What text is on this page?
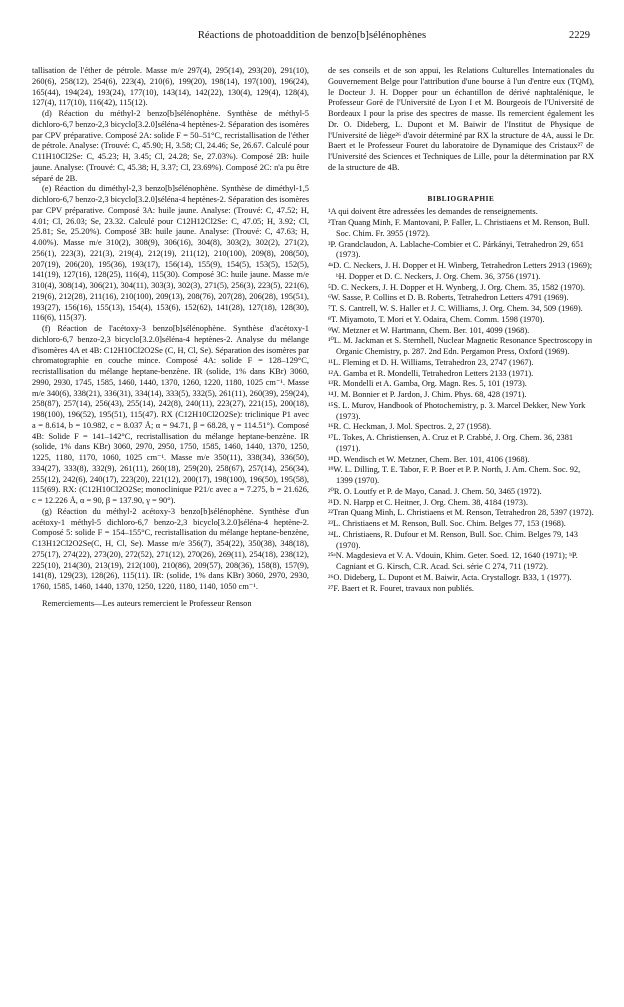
Réactions de photoaddition de benzo[b]sélénophènes	2229

tallisation de l'éther de pétrole. Masse m/e 297(4), 295(14), 293(20), 291(10), 260(6), 258(12), 254(6), 223(4), 210(6), 199(20), 198(14), 197(100), 196(24), 165(44), 194(24), 193(24), 177(10), 143(14), 142(22), 130(4), 129(4), 128(4), 127(4), 117(10), 116(42), 115(12).

(d) Réaction du méthyl-2 benzo[b]sélénophène. Synthèse de méthyl-5 dichloro-6,7 benzo-2,3 bicyclo[3.2.0]séléna-4 heptènes-2. Séparation des isomères par CPV préparative. Composé 2A: solide F = 50–51°C, recristallisation de l'éther de pétrole. Analyse: (Trouvé: C, 45.90; H, 3.58; Cl, 24.46; Se, 26.67. Calculé pour C11H10Cl2Se: C, 45.23; H, 3.45; Cl, 24.28; Se, 27.03%). Composé 2B: huile jaune. Analyse: (Trouvé: C, 45.38; H, 3.37; Cl, 23.69%). Composé 2C: n'a pu être séparé de 2B.

(e) Réaction du diméthyl-2,3 benzo[b]sélénophène. Synthèse de diméthyl-1,5 dichloro-6,7 benzo-2,3 bicyclo[3.2.0]séléna-4 heptènes-2. Séparation des isomères par CPV préparative. Composé 3A: huile jaune. Analyse: (Trouvé: C, 47.52; H, 4.01; Cl, 26.03; Se, 23.32. Calculé pour C12H12Cl2Se: C, 47.05; H, 3.92; Cl, 25.81; Se, 25.20%). Composé 3B: huile jaune. Analyse: (Trouvé: C, 47.63; H, 4.00%). Masse m/e 310(2), 308(9), 306(16), 304(8), 303(2), 302(2), 271(2), 256(1), 223(3), 221(3), 219(4), 212(19), 211(12), 210(100), 209(8), 208(50), 207(19), 206(20), 195(36), 193(17), 156(14), 155(9), 154(5), 153(5), 152(5), 141(19), 127(16), 128(25), 116(4), 115(30). Composé 3C: huile jaune. Masse m/e 310(4), 308(14), 306(21), 304(11), 303(3), 302(3), 271(5), 256(3), 223(5), 221(6), 219(6), 212(28), 211(16), 210(100), 209(13), 208(76), 207(28), 206(28), 195(51), 193(27), 156(16), 155(13), 154(4), 153(6), 152(62), 141(28), 127(18), 128(30), 116(6), 115(37).

(f) Réaction de l'acétoxy-3 benzo[b]sélénophène. Synthèse d'acétoxy-1 dichloro-6,7 benzo-2,3 bicyclo[3.2.0]séléna-4 heptènes-2. Analyse du mélange d'isomères 4A et 4B: C12H10Cl2O2Se (C, H, Cl, Se). Séparation des isomères par chromatographie en couche mince. Composé 4A: solide F = 128–129°C, recristallisation du mélange heptane-benzène. IR (solide, 1% dans KBr) 3060, 2990, 2930, 1745, 1585, 1460, 1440, 1370, 1260, 1220, 1180, 1025 cm⁻¹. Masse m/e 340(6), 338(21), 336(31), 334(14), 333(5), 332(5), 261(11), 260(39), 259(24), 258(87), 257(14), 256(43), 255(14), 242(8), 240(11), 223(27), 221(15), 200(18), 198(100), 196(52), 195(51), 115(47). RX (C12H10Cl2O2Se): triclinique P1 avec a = 8.614, b = 10.982, c = 8.037 Å; α = 94.71, β = 68.28, γ = 114.51°). Composé 4B: Solide F = 141–142°C, recristallisation du mélange heptane-benzène. IR (solide, 1% dans KBr) 3060, 2970, 2950, 1750, 1585, 1460, 1440, 1370, 1250, 1225, 1180, 1170, 1060, 1025 cm⁻¹. Masse m/e 350(11), 338(34), 336(50), 334(27), 333(8), 332(9), 261(11), 260(18), 259(20), 258(67), 257(14), 256(34), 255(12), 242(6), 240(17), 223(20), 221(12), 200(17), 198(100), 196(50), 195(58), 115(69). RX: (C12H10Cl2O2Se; monoclinique P21/c avec a = 7.275, b = 21.626, c = 12.226 Å, α = 90, β = 137.90, γ = 90°).

(g) Réaction du méthyl-2 acétoxy-3 benzo[b]sélénophène. Synthèse d'un acétoxy-1 méthyl-5 dichloro-6,7 benzo-2,3 bicyclo[3.2.0]séléna-4 heptène-2. Composé 5: solide F = 154–155°C, recristallisation du mélange heptane-benzène, C13H12Cl2O2Se(C, H, Cl, Se). Masse m/e 356(7), 354(22), 350(38), 348(18), 275(17), 274(22), 273(20), 272(52), 271(12), 270(26), 269(11), 254(18), 238(12), 225(10), 214(30), 213(19), 212(100), 210(86), 209(57), 208(36), 158(8), 157(9), 141(8), 129(23), 128(26), 115(11). IR: (solide, 1% dans KBr) 3060, 2970, 2930, 1760, 1585, 1460, 1440, 1370, 1250, 1220, 1180, 1140, 1050 cm⁻¹.

Remerciements—Les auteurs remercient le Professeur Renson

de ses conseils et de son appui, les Relations Culturelles Internationales du Gouvernement Belge pour l'attribution d'une bourse à l'un d'entre eux (TQM), le Docteur J. H. Dopper pour un échantillon de dérivé naphtalénique, le Professeur Goré de l'Université de Lyon I et M. Bourgeois de l'Université de Bordeaux I pour la prise des spectres de masse. Ils remercient également les Dr. O. Dideberg, L. Dupont et M. Baiwir de l'Institut de Physique de l'Université de liège²⁶ d'avoir déterminé par RX la structure de 4A, aussi le Dr. Baert et le Professeur Fouret du laboratoire de Dynamique des Cristaux²⁷ de l'Université des Sciences et Techniques de Lille, pour la détermination par RX de la structure de 4B.

BIBLIOGRAPHIE

¹A qui doivent être adressées les demandes de renseignements.

²Tran Quang Minh, F. Mantovani, P. Faller, L. Christiaens et M. Renson, Bull. Soc. Chim. Fr. 3955 (1972).

³P. Grandclaudon, A. Lablache-Combier et C. Párkányi, Tetrahedron 29, 651 (1973).

⁴ᵃD. C. Neckers, J. H. Dopper et H. Winberg, Tetrahedron Letters 2913 (1969); ᵇH. Dopper et D. C. Neckers, J. Org. Chem. 36, 3756 (1971).

⁵D. C. Neckers, J. H. Dopper et H. Wynberg, J. Org. Chem. 35, 1582 (1970).

⁶W. Sasse, P. Collins et D. B. Roberts, Tetrahedron Letters 4791 (1969).

⁷T. S. Cantrell, W. S. Haller et J. C. Williams, J. Org. Chem. 34, 509 (1969).

⁸T. Miyamoto, T. Mori et Y. Odaira, Chem. Comm. 1598 (1970).

⁹W. Metzner et W. Hartmann, Chem. Ber. 101, 4099 (1968).

¹⁰L. M. Jackman et S. Sternhell, Nuclear Magnetic Resonance Spectroscopy in Organic Chemistry, p. 287. 2nd Edn. Pergamon Press, Oxford (1969).

¹¹L. Fleming et D. H. Williams, Tetrahedron 23, 2747 (1967).

¹²A. Gamba et R. Mondelli, Tetrahedron Letters 2133 (1971).

¹³R. Mondelli et A. Gamba, Org. Magn. Res. 5, 101 (1973).

¹⁴J. M. Bonnier et P. Jardon, J. Chim. Phys. 68, 428 (1971).

¹⁵S. L. Murov, Handbook of Photochemistry, p. 3. Marcel Dekker, New York (1973).

¹⁶R. C. Heckman, J. Mol. Spectros. 2, 27 (1958).

¹⁷L. Tokes, A. Christiensen, A. Cruz et P. Crabbé, J. Org. Chem. 36, 2381 (1971).

¹⁸D. Wendisch et W. Metzner, Chem. Ber. 101, 4106 (1968).

¹⁹W. L. Dilling, T. E. Tabor, F. P. Boer et P. P. North, J. Am. Chem. Soc. 92, 1399 (1970).

²⁰R. O. Loutfy et P. de Mayo, Canad. J. Chem. 50, 3465 (1972).

²¹D. N. Harpp et C. Heitner, J. Org. Chem. 38, 4184 (1973).

²²Tran Quang Minh, L. Christiaens et M. Renson, Tetrahedron 28, 5397 (1972).

²³L. Christiaens et M. Renson, Bull. Soc. Chim. Belges 77, 153 (1968).

²⁴L. Christiaens, R. Dufour et M. Renson, Bull. Soc. Chim. Belges 79, 143 (1970).

²⁵ᵃN. Magdesieva et V. A. Vdouin, Khim. Geter. Soed. 12, 1640 (1971); ᵇP. Cagniant et G. Kirsch, C.R. Acad. Sci. série C 274, 711 (1972).

²⁶O. Dideberg, L. Dupont et M. Baiwir, Acta. Crystallogr. B33, 1 (1977).

²⁷F. Baert et R. Fouret, travaux non publiés.
